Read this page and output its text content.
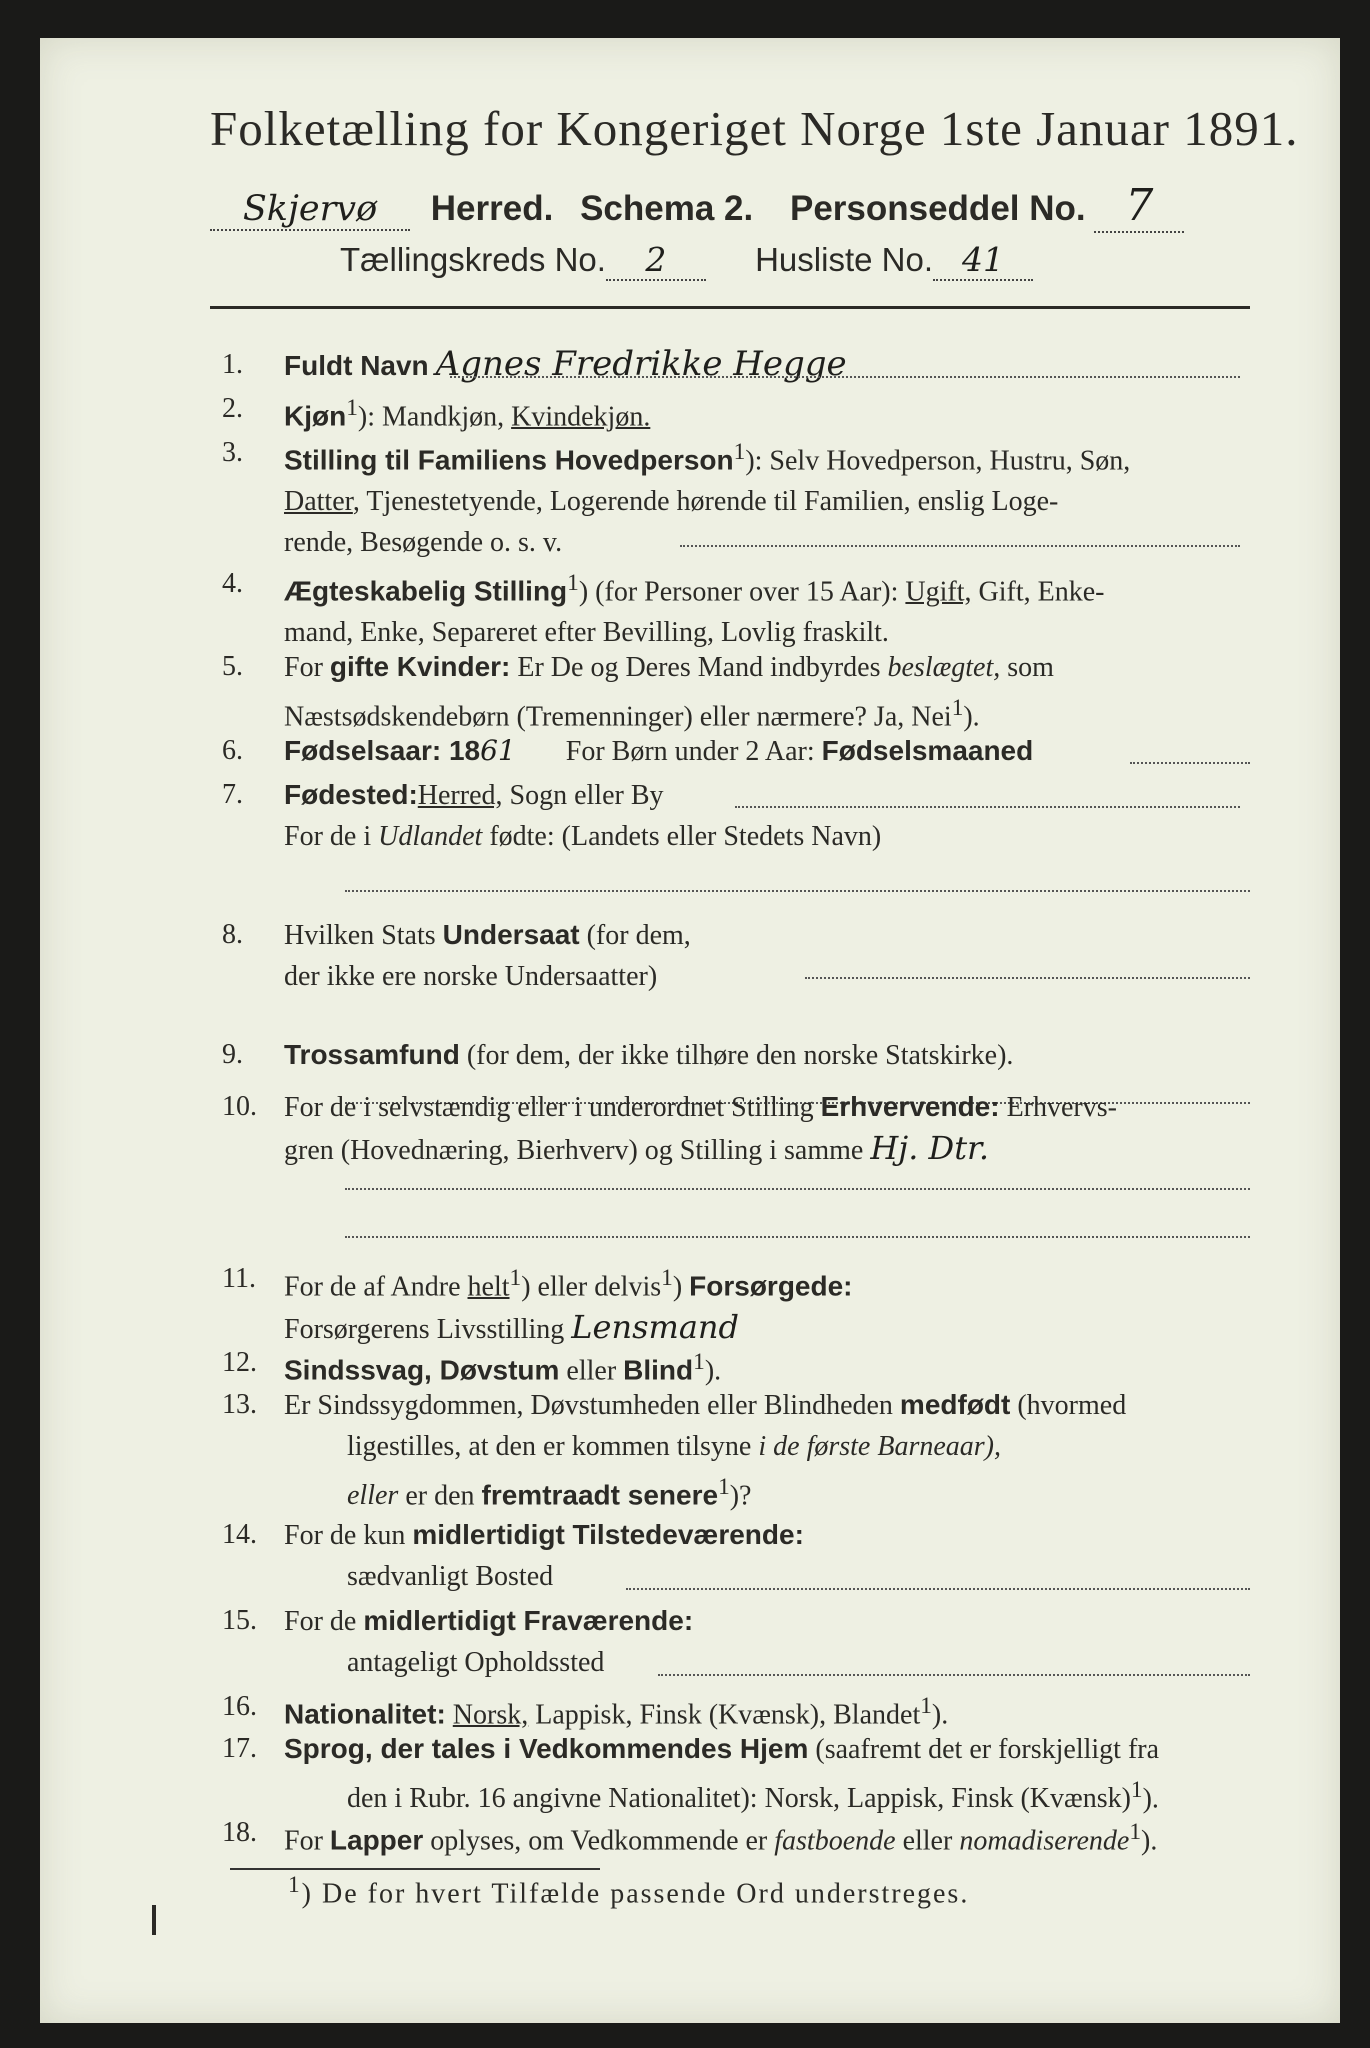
Folketælling for Kongeriget Norge 1ste Januar 1891.
Skjervø Herred. Schema 2. Personseddel No. 7
Tællingskreds No. 2	Husliste No. 41
1.	Fuldt Navn Agnes Fredrikke Hegge
2.	Kjøn$^1$): Mandkjøn, Kvindekjøn.
3.	Stilling til Familiens Hovedperson$^1$): Selv Hovedperson, Hustru, Søn,
Datter, Tjenestetyende, Logerende hørende til Familien, enslig Loge-
rende, Besøgende o. s. v.
4.	Ægteskabelig Stilling$^1$) (for Personer over 15 Aar): Ugift, Gift, Enke-
mand, Enke, Separeret efter Bevilling, Lovlig fraskilt.
5.	For gifte Kvinder: Er De og Deres Mand indbyrdes beslægtet, som
Næstsødskendebørn (Tremenninger) eller nærmere? Ja, Nei$^1$).
6.	Fødselsaar: 1861 For Børn under 2 Aar: Fødselsmaaned
7.	Fødested:Herred, Sogn eller By
For de i Udlandet fødte: (Landets eller Stedets Navn)
8.	Hvilken Stats Undersaat (for dem,
der ikke ere norske Undersaatter)
9.	Trossamfund (for dem, der ikke tilhøre den norske Statskirke).
10. For de i selvstændig eller i underordnet Stilling Erhvervende: Erhvervs-
gren (Hovednæring, Bierhverv) og Stilling i samme Hj. Dtr.
11.	For de af Andre helt$^1$) eller delvis$^1$) Forsørgede:
Forsørgerens Livsstilling Lensmand
12. Sindssvag, Døvstum eller Blind$^1$).
13. Er Sindssygdommen, Døvstumheden eller Blindheden medfødt (hvormed
ligestilles, at den er kommen tilsyne i de første Barneaar),
eller er den fremtraadt senere$^1$)?
14. For de kun midlertidigt Tilstedeværende:
sædvanligt Bosted
15. For de midlertidigt Fraværende:
antageligt Opholdssted
16. Nationalitet: Norsk, Lappisk, Finsk (Kvænsk), Blandet$^1$).
17. Sprog, der tales i Vedkommendes Hjem (saafremt det er forskjelligt fra
den i Rubr. 16 angivne Nationalitet): Norsk, Lappisk, Finsk (Kvænsk)$^1$).
18. For Lapper oplyses, om Vedkommende er fastboende eller nomadiserende$^1$).
$^1$) De for hvert Tilfælde passende Ord understreges.
